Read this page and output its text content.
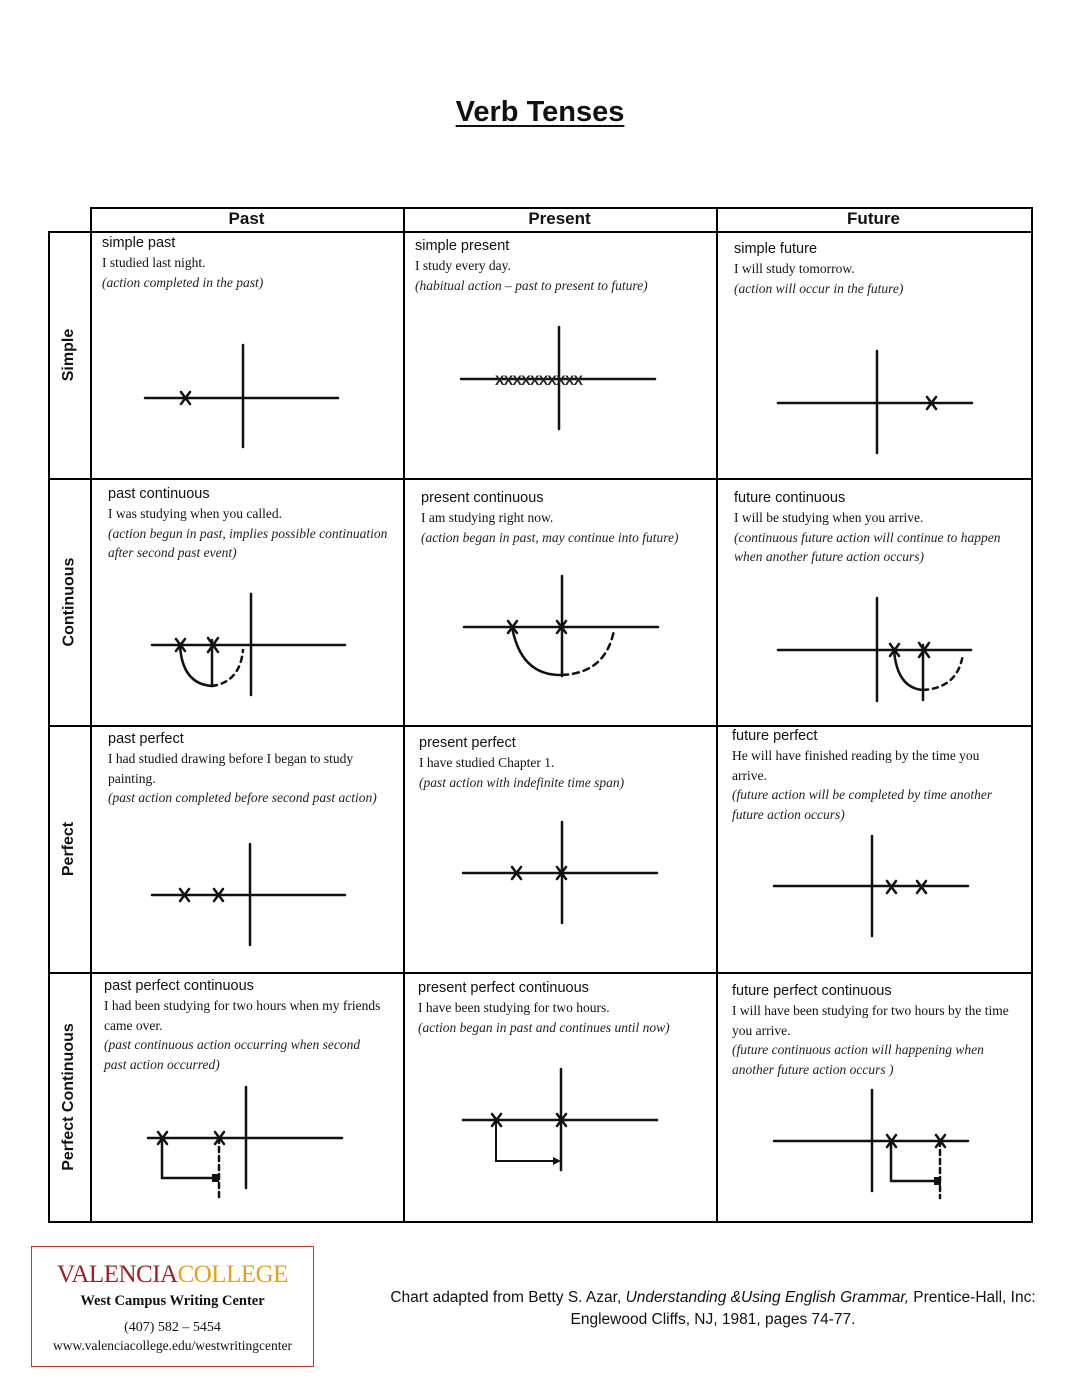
Verb Tenses
Past	Present	Future
Simple
Continuous
Perfect
Perfect Continuous
simple past
I studied last night.
(action completed in the past)
simple present
I study every day.
(habitual action – past to present to future)
XXXXXXXXXX
simple future
I will study tomorrow.
(action will occur in the future)
past continuous
I was studying when you called.
(action begun in past, implies possible continuation after second past event)
present continuous
I am studying right now.
(action began in past, may continue into future)
future continuous
I will be studying when you arrive.
(continuous future action will continue to happen when another future action occurs)
past perfect
I had studied drawing before I began to study painting.
(past action completed before second past action)
present perfect
I have studied Chapter 1.
(past action with indefinite time span)
future perfect
He will have finished reading by the time you arrive.
(future action will be completed by time another future action occurs)
past perfect continuous
I had been studying for two hours when my friends came over.
(past continuous action occurring when second past action occurred)
present perfect continuous
I have been studying for two hours.
(action began in past and continues until now)
future perfect continuous
I will have been studying for two hours by the time you arrive.
(future continuous action will happening when another future action occurs )
VALENCIACOLLEGE
West Campus Writing Center
(407) 582 – 5454
www.valenciacollege.edu/westwritingcenter
Chart adapted from Betty S. Azar, Understanding &Using English Grammar, Prentice-Hall, Inc:
Englewood Cliffs, NJ, 1981, pages 74-77.
